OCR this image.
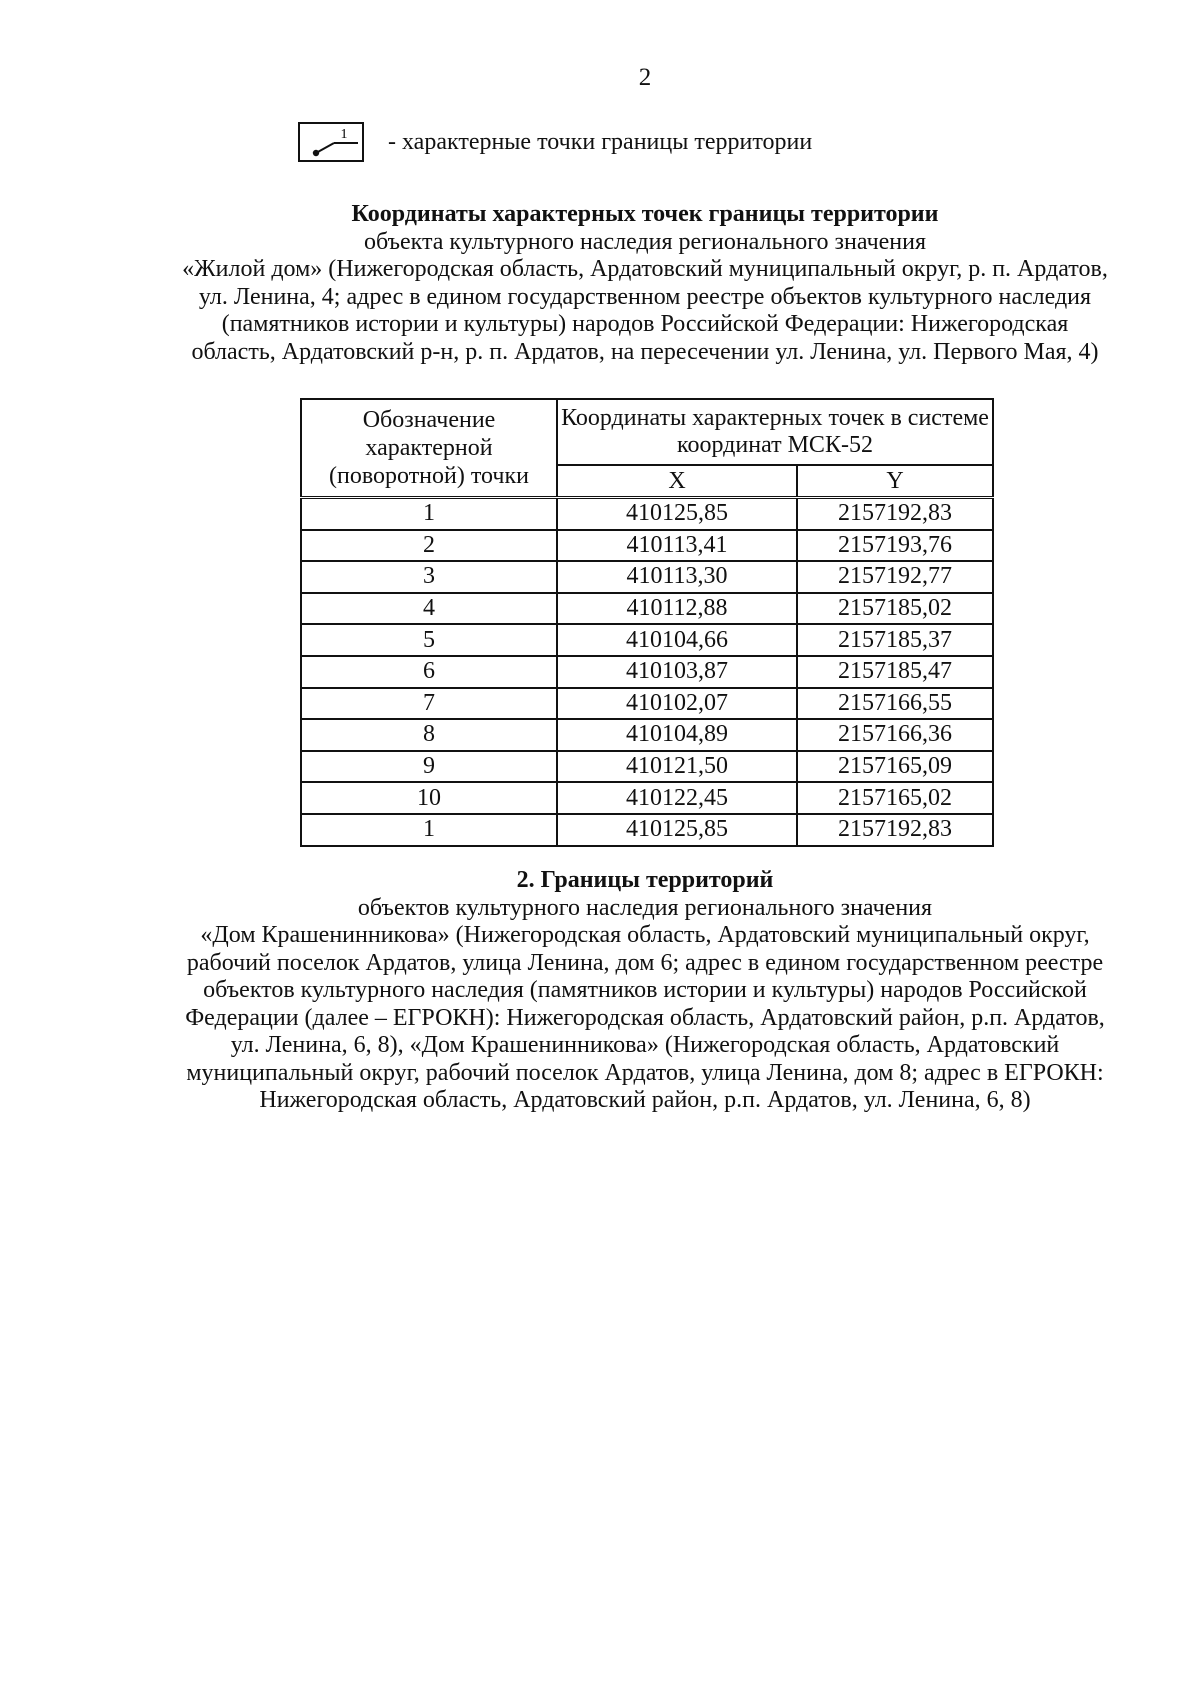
2
1 - характерные точки границы территории
Координаты характерных точек границы территории
объекта культурного наследия регионального значения
«Жилой дом» (Нижегородская область, Ардатовский муниципальный округ, р. п. Ардатов,
ул. Ленина, 4; адрес в едином государственном реестре объектов культурного наследия
(памятников истории и культуры) народов Российской Федерации: Нижегородская
область, Ардатовский р-н, р. п. Ардатов, на пересечении ул. Ленина, ул. Первого Мая, 4)
Обозначение характерной (поворотной) точки	Координаты характерных точек в системе координат МСК-52	
	X	Y
1	410125,85	2157192,83
2	410113,41	2157193,76
3	410113,30	2157192,77
4	410112,88	2157185,02
5	410104,66	2157185,37
6	410103,87	2157185,47
7	410102,07	2157166,55
8	410104,89	2157166,36
9	410121,50	2157165,09
10	410122,45	2157165,02
1	410125,85	2157192,83
2. Границы территорий
объектов культурного наследия регионального значения
«Дом Крашенинникова» (Нижегородская область, Ардатовский муниципальный округ,
рабочий поселок Ардатов, улица Ленина, дом 6; адрес в едином государственном реестре
объектов культурного наследия (памятников истории и культуры) народов Российской
Федерации (далее – ЕГРОКН): Нижегородская область, Ардатовский район, р.п. Ардатов,
ул. Ленина, 6, 8), «Дом Крашенинникова» (Нижегородская область, Ардатовский
муниципальный округ, рабочий поселок Ардатов, улица Ленина, дом 8; адрес в ЕГРОКН:
Нижегородская область, Ардатовский район, р.п. Ардатов, ул. Ленина, 6, 8)
